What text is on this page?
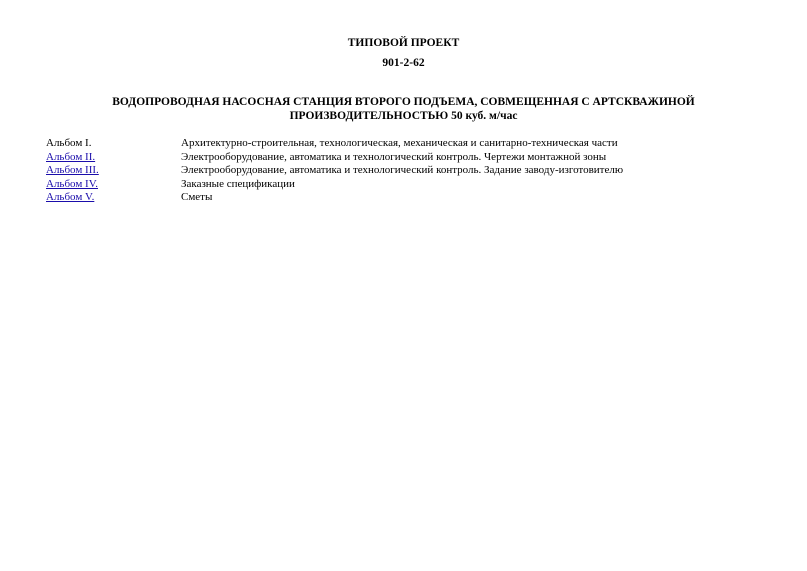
ТИПОВОЙ ПРОЕКТ
901-2-62
ВОДОПРОВОДНАЯ НАСОСНАЯ СТАНЦИЯ ВТОРОГО ПОДЪЕМА, СОВМЕЩЕННАЯ С АРТСКВАЖИНОЙ ПРОИЗВОДИТЕЛЬНОСТЬЮ 50 куб. м/час
Альбом I.	Архитектурно-строительная, технологическая, механическая и санитарно-техническая части
Альбом II.	Электрооборудование, автоматика и технологический контроль. Чертежи монтажной зоны
Альбом III.	Электрооборудование, автоматика и технологический контроль. Задание заводу-изготовителю
Альбом IV.	Заказные спецификации
Альбом V.	Сметы
